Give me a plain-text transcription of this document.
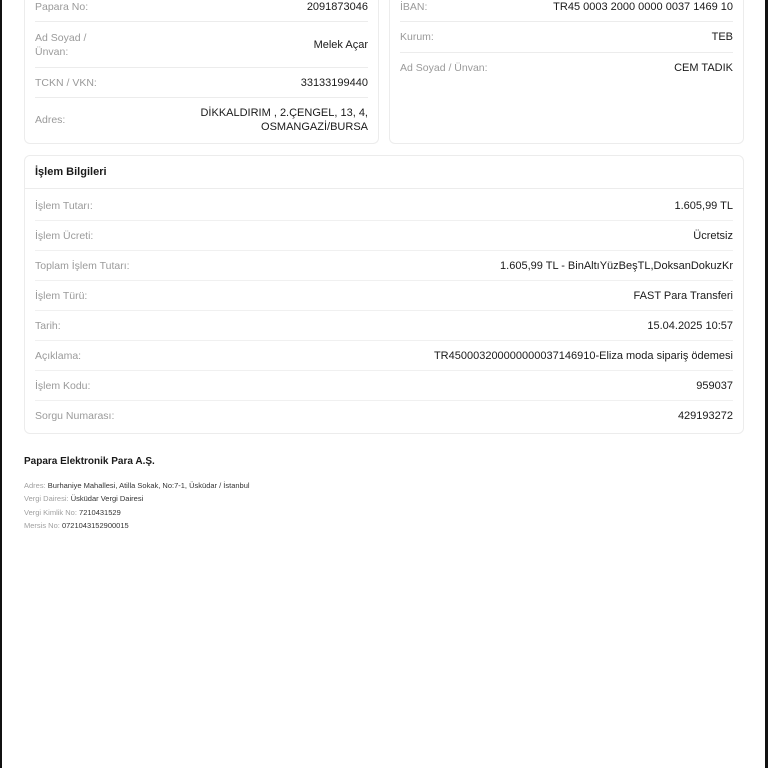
Papara No:	2091873046
Ad Soyad / Ünvan:
Melek Açar
TCKN / VKN:	33133199440
Adres:
DİKKALDIRIM , 2.ÇENGEL, 13, 4, OSMANGAZİ/BURSA
İBAN:	TR45 0003 2000 0000 0037 1469 10
Kurum:	TEB
Ad Soyad / Ünvan:	CEM TADIK
İşlem Bilgileri
İşlem Tutarı:	1.605,99 TL
İşlem Ücreti:	Ücretsiz
Toplam İşlem Tutarı:	1.605,99 TL - BinAltıYüzBeşTL,DoksanDokuzKr
İşlem Türü:	FAST Para Transferi
Tarih:	15.04.2025 10:57
Açıklama:	TR450003200000000037146910-Eliza moda sipariş ödemesi
İşlem Kodu:	959037
Sorgu Numarası:	429193272
Papara Elektronik Para A.Ş.
Adres: Burhaniye Mahallesi, Atilla Sokak, No:7-1, Üsküdar / İstanbul
Vergi Dairesi: Üsküdar Vergi Dairesi
Vergi Kimlik No: 7210431529
Mersis No: 0721043152900015
